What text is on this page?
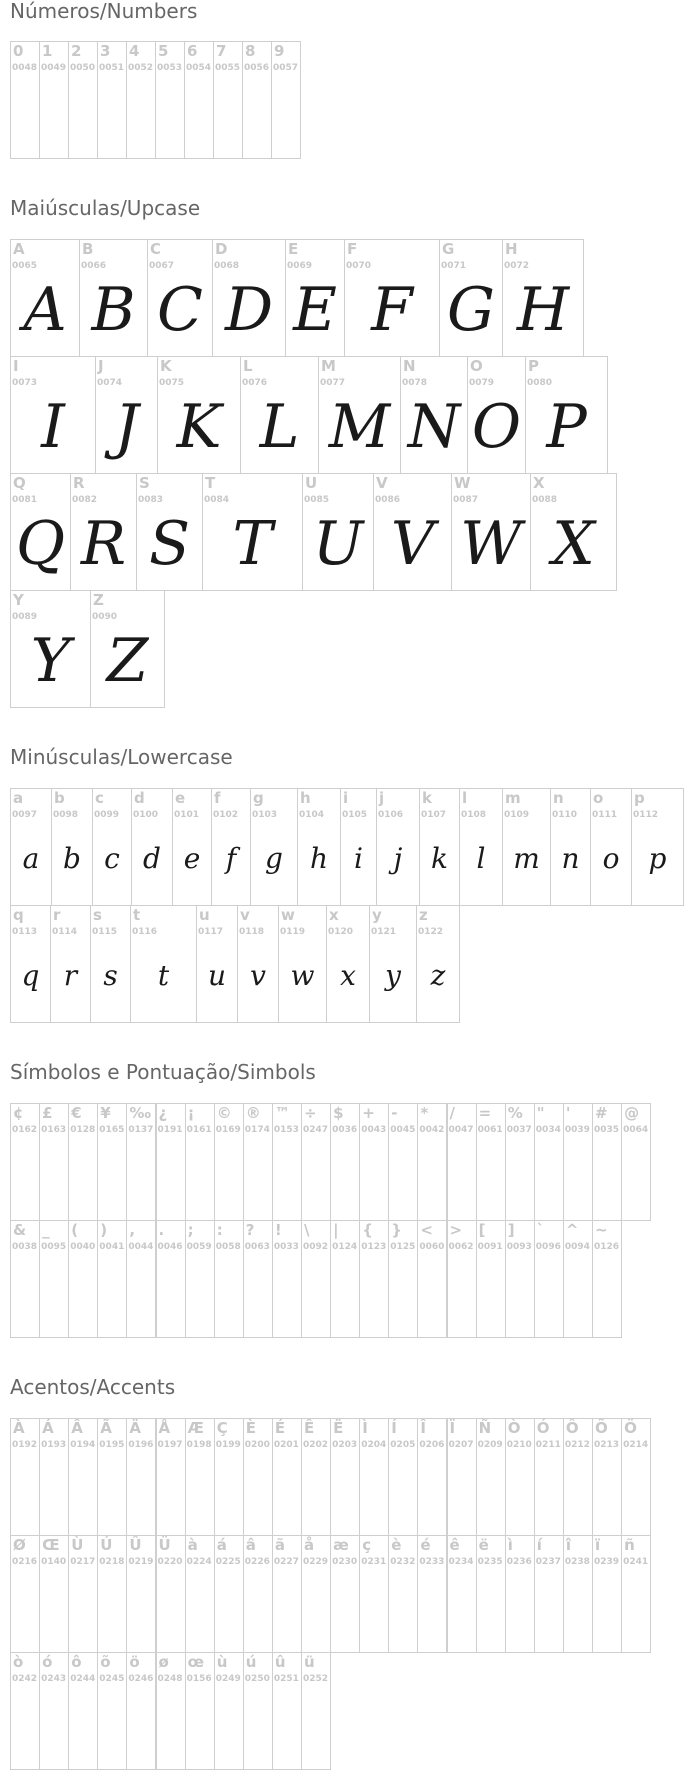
Números/Numbers
0
0048
1
0049
2
0050
3
0051
4
0052
5
0053
6
0054
7
0055
8
0056
9
0057
Maiúsculas/Upcase
A
0065
A
B
0066
B
C
0067
C
D
0068
D
E
0069
E
F
0070
F
G
0071
G
H
0072
H
I
0073
I
J
0074
J
K
0075
K
L
0076
L
M
0077
M
N
0078
N
O
0079
O
P
0080
P
Q
0081
Q
R
0082
R
S
0083
S
T
0084
T
U
0085
U
V
0086
V
W
0087
W
X
0088
X
Y
0089
Y
Z
0090
Z
Minúsculas/Lowercase
a
0097
a
b
0098
b
c
0099
c
d
0100
d
e
0101
e
f
0102
f
g
0103
g
h
0104
h
i
0105
i
j
0106
j
k
0107
k
l
0108
l
m
0109
m
n
0110
n
o
0111
o
p
0112
p
q
0113
q
r
0114
r
s
0115
s
t
0116
t
u
0117
u
v
0118
v
w
0119
w
x
0120
x
y
0121
y
z
0122
z
Símbolos e Pontuação/Simbols
¢
0162
£
0163
€
0128
¥
0165
‰
0137
¿
0191
¡
0161
©
0169
®
0174
™
0153
÷
0247
$
0036
+
0043
-
0045
*
0042
/
0047
=
0061
%
0037
"
0034
'
0039
#
0035
@
0064
&
0038
_
0095
(
0040
)
0041
,
0044
.
0046
;
0059
:
0058
?
0063
!
0033
\
0092
|
0124
{
0123
}
0125
<
0060
>
0062
[
0091
]
0093
`
0096
^
0094
~
0126
Acentos/Accents
À
0192
Á
0193
Â
0194
Ã
0195
Ä
0196
Å
0197
Æ
0198
Ç
0199
È
0200
É
0201
Ê
0202
Ë
0203
Ì
0204
Í
0205
Î
0206
Ï
0207
Ñ
0209
Ò
0210
Ó
0211
Ô
0212
Õ
0213
Ö
0214
Ø
0216
Œ
0140
Ù
0217
Ú
0218
Û
0219
Ü
0220
à
0224
á
0225
â
0226
ã
0227
å
0229
æ
0230
ç
0231
è
0232
é
0233
ê
0234
ë
0235
ì
0236
í
0237
î
0238
ï
0239
ñ
0241
ò
0242
ó
0243
ô
0244
õ
0245
ö
0246
ø
0248
œ
0156
ù
0249
ú
0250
û
0251
ü
0252
